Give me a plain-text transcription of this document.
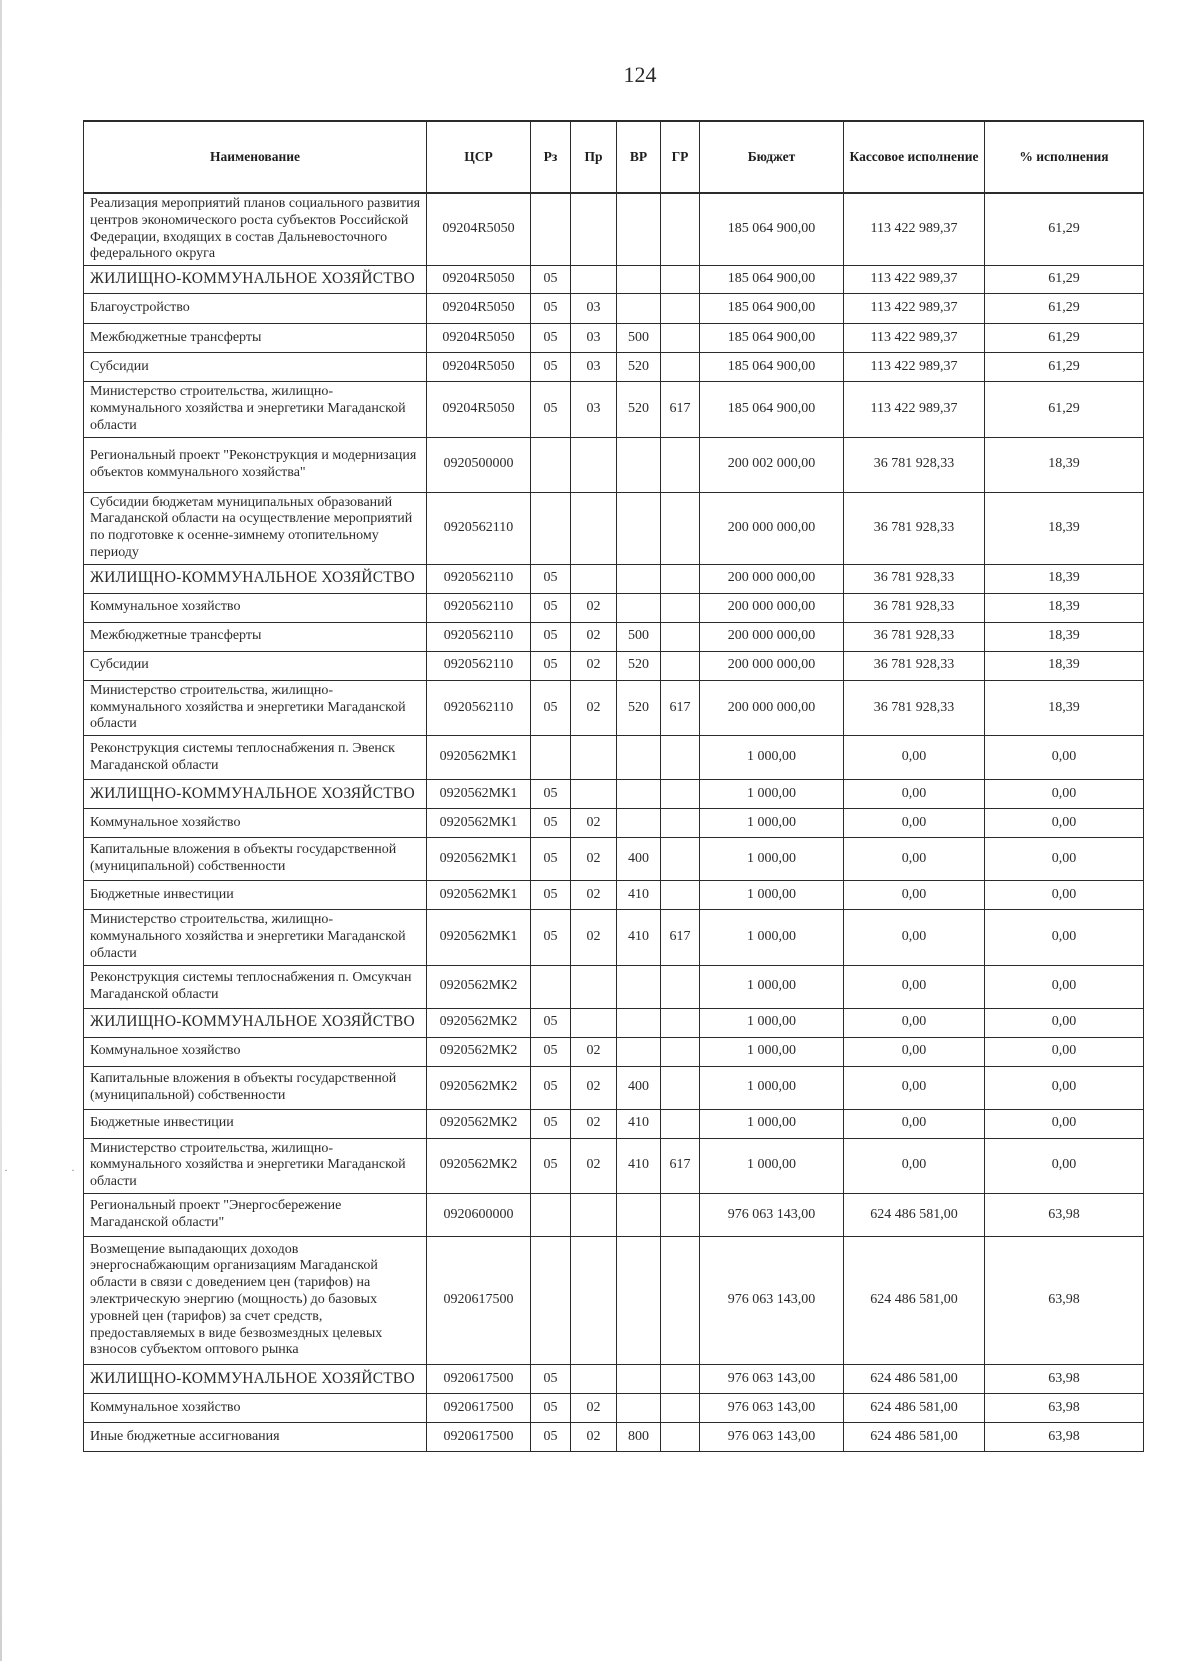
· ·
124
Наименование	ЦСР	Рз	Пр	ВР	ГР	Бюджет	Кассовое исполнение	% исполнения
Реализация мероприятий планов социального развития центров экономического роста субъектов Российской Федерации, входящих в состав Дальневосточного федерального округа	09204R5050					185 064 900,00	113 422 989,37	61,29
ЖИЛИЩНО-КОММУНАЛЬНОЕ ХОЗЯЙСТВО	09204R5050	05				185 064 900,00	113 422 989,37	61,29
Благоустройство	09204R5050	05	03			185 064 900,00	113 422 989,37	61,29
Межбюджетные трансферты	09204R5050	05	03	500		185 064 900,00	113 422 989,37	61,29
Субсидии	09204R5050	05	03	520		185 064 900,00	113 422 989,37	61,29
Министерство строительства, жилищно-коммунального хозяйства и энергетики Магаданской области	09204R5050	05	03	520	617	185 064 900,00	113 422 989,37	61,29
Региональный проект "Реконструкция и модернизация объектов коммунального хозяйства"	0920500000					200 002 000,00	36 781 928,33	18,39
Субсидии бюджетам муниципальных образований Магаданской области на осуществление мероприятий по подготовке к осенне-зимнему отопительному периоду	0920562110					200 000 000,00	36 781 928,33	18,39
ЖИЛИЩНО-КОММУНАЛЬНОЕ ХОЗЯЙСТВО	0920562110	05				200 000 000,00	36 781 928,33	18,39
Коммунальное хозяйство	0920562110	05	02			200 000 000,00	36 781 928,33	18,39
Межбюджетные трансферты	0920562110	05	02	500		200 000 000,00	36 781 928,33	18,39
Субсидии	0920562110	05	02	520		200 000 000,00	36 781 928,33	18,39
Министерство строительства, жилищно-коммунального хозяйства и энергетики Магаданской области	0920562110	05	02	520	617	200 000 000,00	36 781 928,33	18,39
Реконструкция системы теплоснабжения п. Эвенск Магаданской области	0920562МК1					1 000,00	0,00	0,00
ЖИЛИЩНО-КОММУНАЛЬНОЕ ХОЗЯЙСТВО	0920562МК1	05				1 000,00	0,00	0,00
Коммунальное хозяйство	0920562МК1	05	02			1 000,00	0,00	0,00
Капитальные вложения в объекты государственной (муниципальной) собственности	0920562МК1	05	02	400		1 000,00	0,00	0,00
Бюджетные инвестиции	0920562МК1	05	02	410		1 000,00	0,00	0,00
Министерство строительства, жилищно-коммунального хозяйства и энергетики Магаданской области	0920562МК1	05	02	410	617	1 000,00	0,00	0,00
Реконструкция системы теплоснабжения п. Омсукчан Магаданской области	0920562МК2					1 000,00	0,00	0,00
ЖИЛИЩНО-КОММУНАЛЬНОЕ ХОЗЯЙСТВО	0920562МК2	05				1 000,00	0,00	0,00
Коммунальное хозяйство	0920562МК2	05	02			1 000,00	0,00	0,00
Капитальные вложения в объекты государственной (муниципальной) собственности	0920562МК2	05	02	400		1 000,00	0,00	0,00
Бюджетные инвестиции	0920562МК2	05	02	410		1 000,00	0,00	0,00
Министерство строительства, жилищно-коммунального хозяйства и энергетики Магаданской области	0920562МК2	05	02	410	617	1 000,00	0,00	0,00
Региональный проект "Энергосбережение Магаданской области"	0920600000					976 063 143,00	624 486 581,00	63,98
Возмещение выпадающих доходов энергоснабжающим организациям Магаданской области в связи с доведением цен (тарифов) на электрическую энергию (мощность) до базовых уровней цен (тарифов) за счет средств, предоставляемых в виде безвозмездных целевых взносов субъектом оптового рынка	0920617500					976 063 143,00	624 486 581,00	63,98
ЖИЛИЩНО-КОММУНАЛЬНОЕ ХОЗЯЙСТВО	0920617500	05				976 063 143,00	624 486 581,00	63,98
Коммунальное хозяйство	0920617500	05	02			976 063 143,00	624 486 581,00	63,98
Иные бюджетные ассигнования	0920617500	05	02	800		976 063 143,00	624 486 581,00	63,98
